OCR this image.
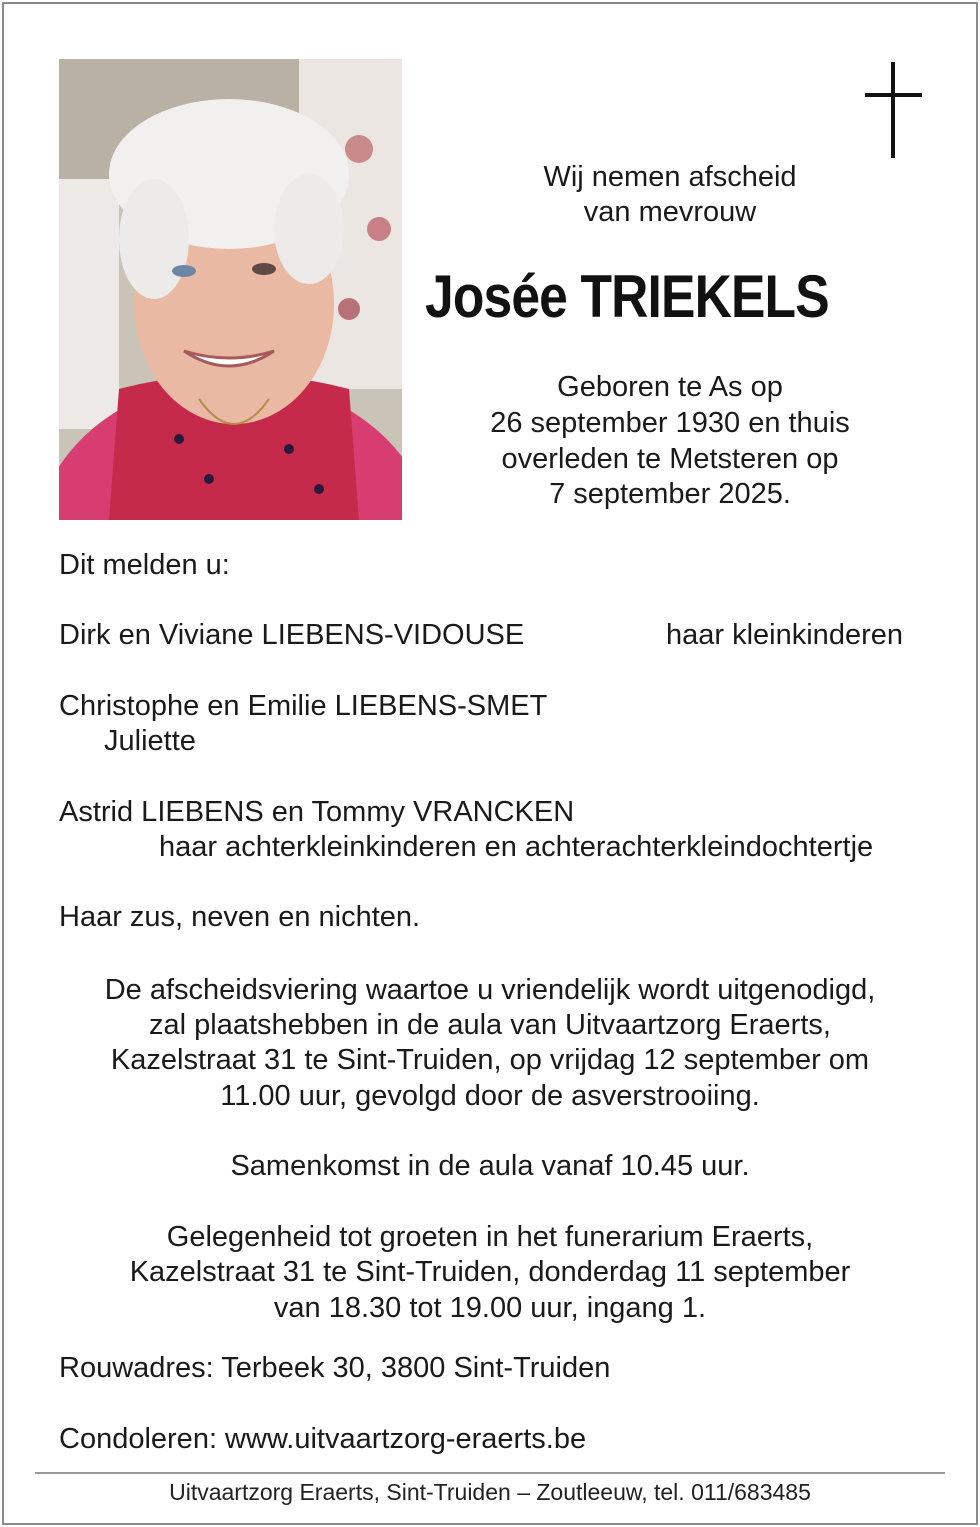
Wij nemen afscheid
van mevrouw
Josée TRIEKELS
Geboren te As op
26 september 1930 en thuis
overleden te Metsteren op
7 september 2025.
Dit melden u:
Dirk en Viviane LIEBENS-VIDOUSE	haar kleinkinderen
Christophe en Emilie LIEBENS-SMET
Juliette
Astrid LIEBENS en Tommy VRANCKEN
haar achterkleinkinderen en achterachterkleindochtertje
Haar zus, neven en nichten.
De afscheidsviering waartoe u vriendelijk wordt uitgenodigd,
zal plaatshebben in de aula van Uitvaartzorg Eraerts,
Kazelstraat 31 te Sint-Truiden, op vrijdag 12 september om
11.00 uur, gevolgd door de asverstrooiing.
Samenkomst in de aula vanaf 10.45 uur.
Gelegenheid tot groeten in het funerarium Eraerts,
Kazelstraat 31 te Sint-Truiden, donderdag 11 september
van 18.30 tot 19.00 uur, ingang 1.
Rouwadres: Terbeek 30, 3800 Sint-Truiden
Condoleren: www.uitvaartzorg-eraerts.be
Uitvaartzorg Eraerts, Sint-Truiden – Zoutleeuw, tel. 011/683485
